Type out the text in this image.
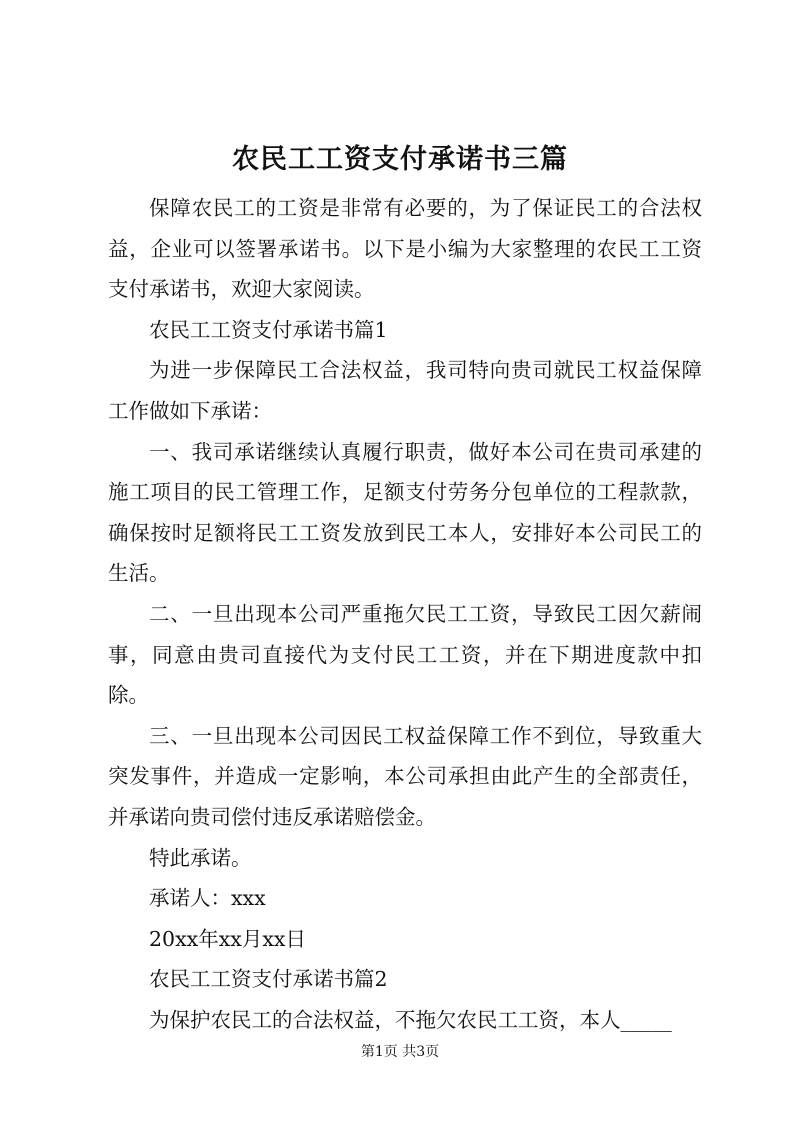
农民工工资支付承诺书三篇

保障农民工的工资是非常有必要的，为了保证民工的合法权益，企业可以签署承诺书。以下是小编为大家整理的农民工工资支付承诺书，欢迎大家阅读。

农民工工资支付承诺书篇1

为进一步保障民工合法权益，我司特向贵司就民工权益保障工作做如下承诺：

一、我司承诺继续认真履行职责，做好本公司在贵司承建的施工项目的民工管理工作，足额支付劳务分包单位的工程款款，确保按时足额将民工工资发放到民工本人，安排好本公司民工的生活。

二、一旦出现本公司严重拖欠民工工资，导致民工因欠薪闹事，同意由贵司直接代为支付民工工资，并在下期进度款中扣除。

三、一旦出现本公司因民工权益保障工作不到位，导致重大突发事件，并造成一定影响，本公司承担由此产生的全部责任，并承诺向贵司偿付违反承诺赔偿金。

特此承诺。

承诺人：xxx

20xx年xx月xx日

农民工工资支付承诺书篇2

为保护农民工的合法权益，不拖欠农民工工资，本人_____

第1页 共3页
